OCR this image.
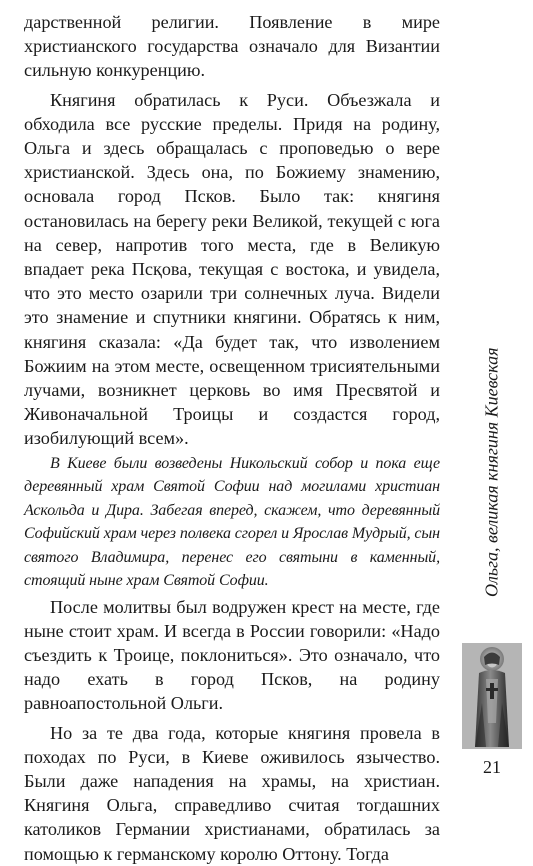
дарственной религии. Появление в мире христианского государства означало для Византии сильную конкуренцию.

Княгиня обратилась к Руси. Объезжала и обходила все русские пределы. Придя на родину, Ольга и здесь обращалась с проповедью о вере христианской. Здесь она, по Божиему знамению, основала город Псков. Было так: княгиня остановилась на берегу реки Великой, текущей с юга на север, напротив того места, где в Великую впадает река Псқова, текущая с востока, и увидела, что это место озарили три солнечных луча. Видели это знамение и спутники княгини. Обратясь к ним, княгиня сказала: «Да будет так, что изволением Божиим на этом месте, освещенном трисиятельными лучами, возникнет церковь во имя Пресвятой и Живоначальной Троицы и создастся город, изобилующий всем».

В Киеве были возведены Никольский собор и пока еще деревянный храм Святой Софии над могилами христиан Аскольда и Дира. Забегая вперед, скажем, что деревянный Софийский храм через полвека сгорел и Ярослав Мудрый, сын святого Владимира, перенес его святыни в каменный, стоящий ныне храм Святой Софии.

После молитвы был водружен крест на месте, где ныне стоит храм. И всегда в России говорили: «Надо съездить к Троице, поклониться». Это означало, что надо ехать в город Псков, на родину равноапостольной Ольги.

Но за те два года, которые княгиня провела в походах по Руси, в Киеве оживилось язычество. Были даже нападения на храмы, на христиан. Княгиня Ольга, справедливо считая тогдашних католиков Германии христианами, обратилась за помощью к германскому королю Оттону. Тогда

Ольга, великая княгиня Киевская
21
